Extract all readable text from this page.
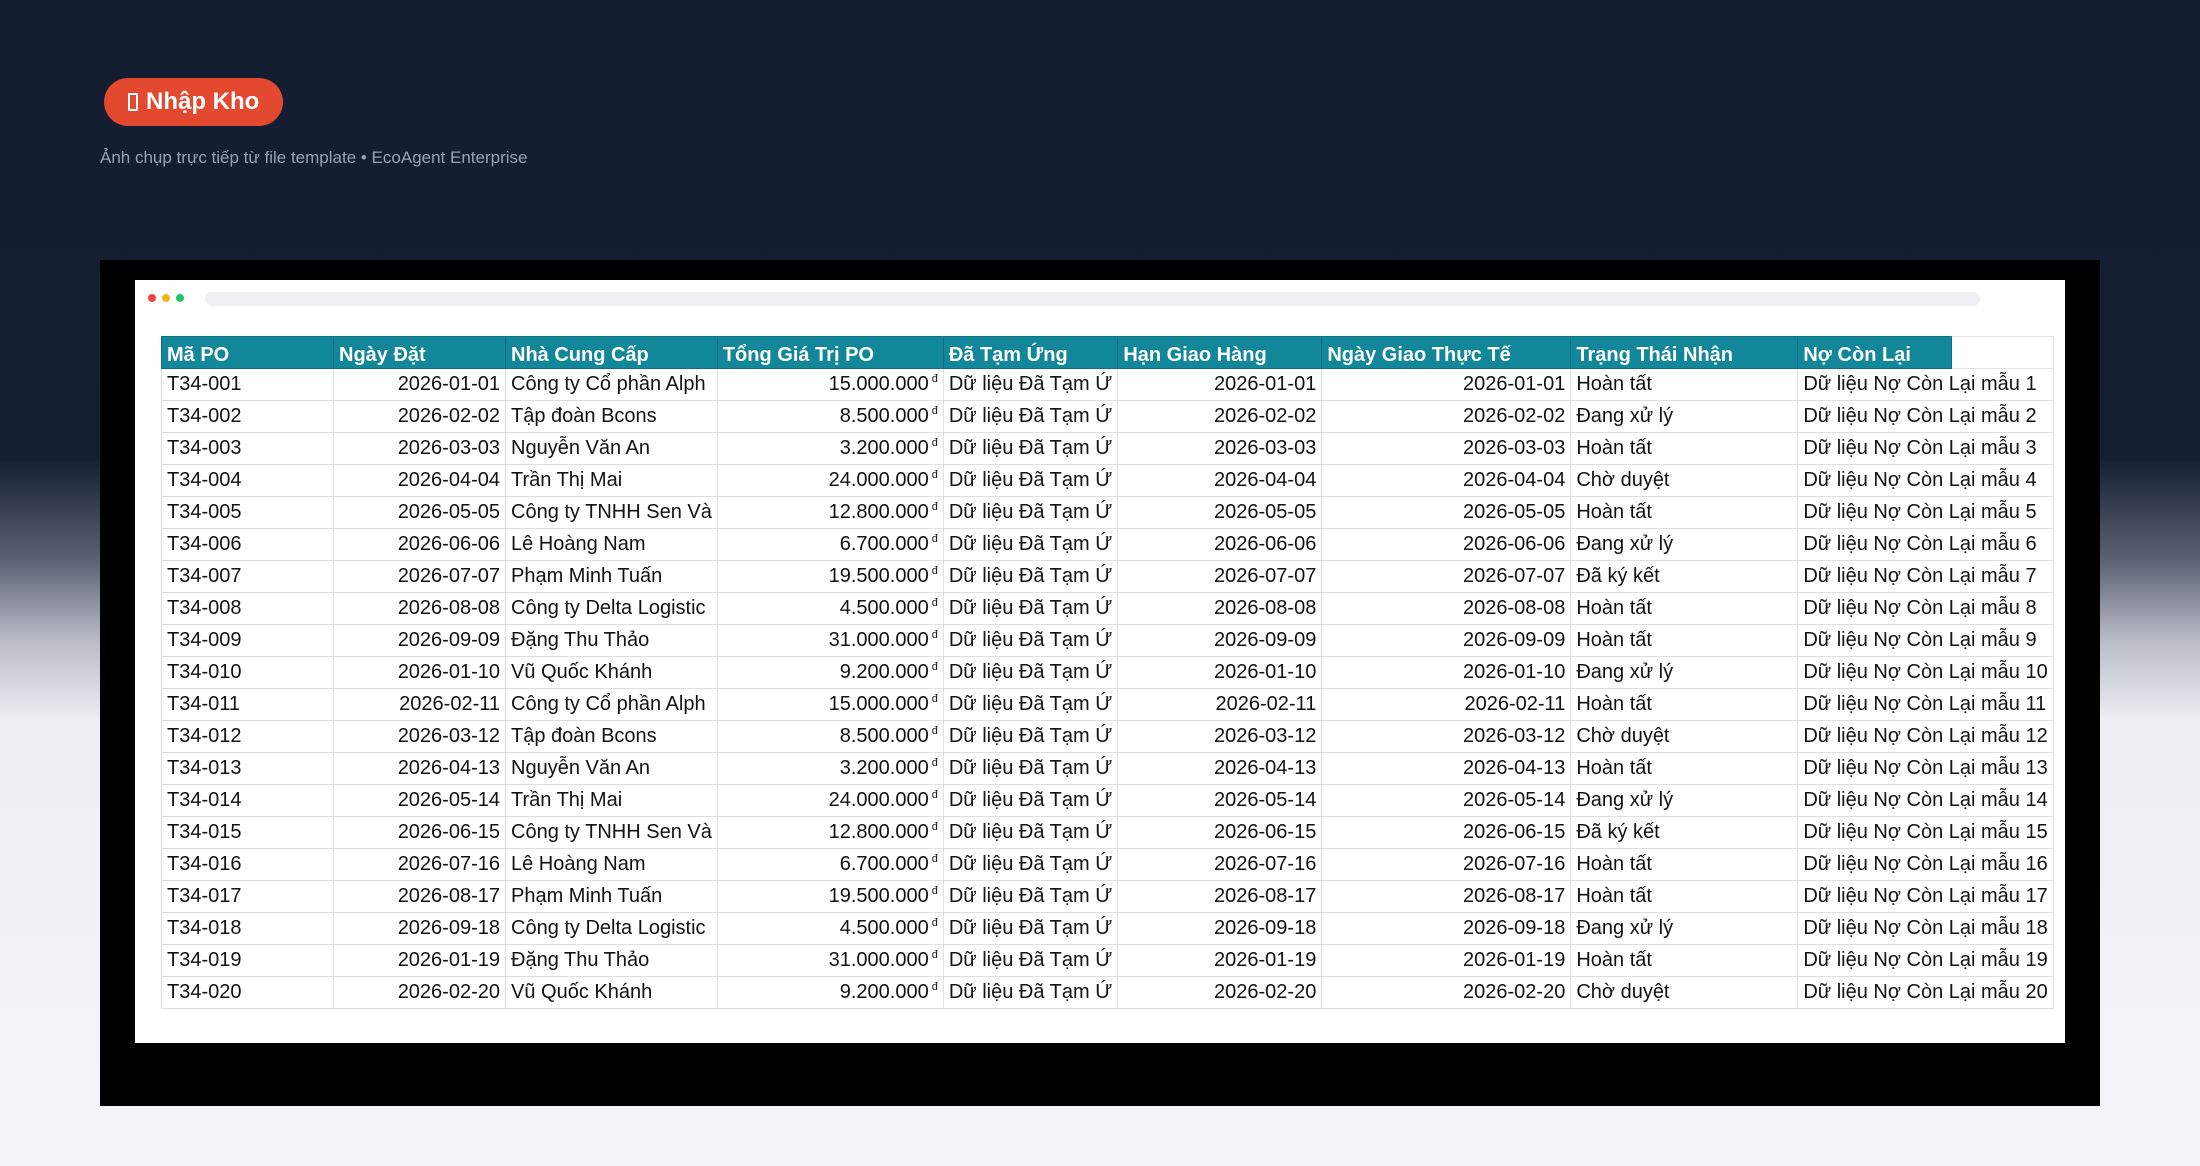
Nhập Kho
Ảnh chụp trực tiếp từ file template • EcoAgent Enterprise
Mã PO	Ngày Đặt	Nhà Cung Cấp	Tổng Giá Trị PO	Đã Tạm Ứng	Hạn Giao Hàng	Ngày Giao Thực Tế	Trạng Thái Nhận	Nợ Còn Lại	
T34-001	2026-01-01	Công ty Cổ phần Alph	15.000.000 $^đ$	Dữ liệu Đã Tạm Ứ	2026-01-01	2026-01-01	Hoàn tất	Dữ liệu Nợ Còn Lại mẫu 1	
T34-002	2026-02-02	Tập đoàn Bcons	8.500.000 $^đ$	Dữ liệu Đã Tạm Ứ	2026-02-02	2026-02-02	Đang xử lý	Dữ liệu Nợ Còn Lại mẫu 2	
T34-003	2026-03-03	Nguyễn Văn An	3.200.000 $^đ$	Dữ liệu Đã Tạm Ứ	2026-03-03	2026-03-03	Hoàn tất	Dữ liệu Nợ Còn Lại mẫu 3	
T34-004	2026-04-04	Trần Thị Mai	24.000.000 $^đ$	Dữ liệu Đã Tạm Ứ	2026-04-04	2026-04-04	Chờ duyệt	Dữ liệu Nợ Còn Lại mẫu 4	
T34-005	2026-05-05	Công ty TNHH Sen Và	12.800.000 $^đ$	Dữ liệu Đã Tạm Ứ	2026-05-05	2026-05-05	Hoàn tất	Dữ liệu Nợ Còn Lại mẫu 5	
T34-006	2026-06-06	Lê Hoàng Nam	6.700.000 $^đ$	Dữ liệu Đã Tạm Ứ	2026-06-06	2026-06-06	Đang xử lý	Dữ liệu Nợ Còn Lại mẫu 6	
T34-007	2026-07-07	Phạm Minh Tuấn	19.500.000 $^đ$	Dữ liệu Đã Tạm Ứ	2026-07-07	2026-07-07	Đã ký kết	Dữ liệu Nợ Còn Lại mẫu 7	
T34-008	2026-08-08	Công ty Delta Logistic	4.500.000 $^đ$	Dữ liệu Đã Tạm Ứ	2026-08-08	2026-08-08	Hoàn tất	Dữ liệu Nợ Còn Lại mẫu 8	
T34-009	2026-09-09	Đặng Thu Thảo	31.000.000 $^đ$	Dữ liệu Đã Tạm Ứ	2026-09-09	2026-09-09	Hoàn tất	Dữ liệu Nợ Còn Lại mẫu 9	
T34-010	2026-01-10	Vũ Quốc Khánh	9.200.000 $^đ$	Dữ liệu Đã Tạm Ứ	2026-01-10	2026-01-10	Đang xử lý	Dữ liệu Nợ Còn Lại mẫu 10	
T34-011	2026-02-11	Công ty Cổ phần Alph	15.000.000 $^đ$	Dữ liệu Đã Tạm Ứ	2026-02-11	2026-02-11	Hoàn tất	Dữ liệu Nợ Còn Lại mẫu 11	
T34-012	2026-03-12	Tập đoàn Bcons	8.500.000 $^đ$	Dữ liệu Đã Tạm Ứ	2026-03-12	2026-03-12	Chờ duyệt	Dữ liệu Nợ Còn Lại mẫu 12	
T34-013	2026-04-13	Nguyễn Văn An	3.200.000 $^đ$	Dữ liệu Đã Tạm Ứ	2026-04-13	2026-04-13	Hoàn tất	Dữ liệu Nợ Còn Lại mẫu 13	
T34-014	2026-05-14	Trần Thị Mai	24.000.000 $^đ$	Dữ liệu Đã Tạm Ứ	2026-05-14	2026-05-14	Đang xử lý	Dữ liệu Nợ Còn Lại mẫu 14	
T34-015	2026-06-15	Công ty TNHH Sen Và	12.800.000 $^đ$	Dữ liệu Đã Tạm Ứ	2026-06-15	2026-06-15	Đã ký kết	Dữ liệu Nợ Còn Lại mẫu 15	
T34-016	2026-07-16	Lê Hoàng Nam	6.700.000 $^đ$	Dữ liệu Đã Tạm Ứ	2026-07-16	2026-07-16	Hoàn tất	Dữ liệu Nợ Còn Lại mẫu 16	
T34-017	2026-08-17	Phạm Minh Tuấn	19.500.000 $^đ$	Dữ liệu Đã Tạm Ứ	2026-08-17	2026-08-17	Hoàn tất	Dữ liệu Nợ Còn Lại mẫu 17	
T34-018	2026-09-18	Công ty Delta Logistic	4.500.000 $^đ$	Dữ liệu Đã Tạm Ứ	2026-09-18	2026-09-18	Đang xử lý	Dữ liệu Nợ Còn Lại mẫu 18	
T34-019	2026-01-19	Đặng Thu Thảo	31.000.000 $^đ$	Dữ liệu Đã Tạm Ứ	2026-01-19	2026-01-19	Hoàn tất	Dữ liệu Nợ Còn Lại mẫu 19	
T34-020	2026-02-20	Vũ Quốc Khánh	9.200.000 $^đ$	Dữ liệu Đã Tạm Ứ	2026-02-20	2026-02-20	Chờ duyệt	Dữ liệu Nợ Còn Lại mẫu 20	
